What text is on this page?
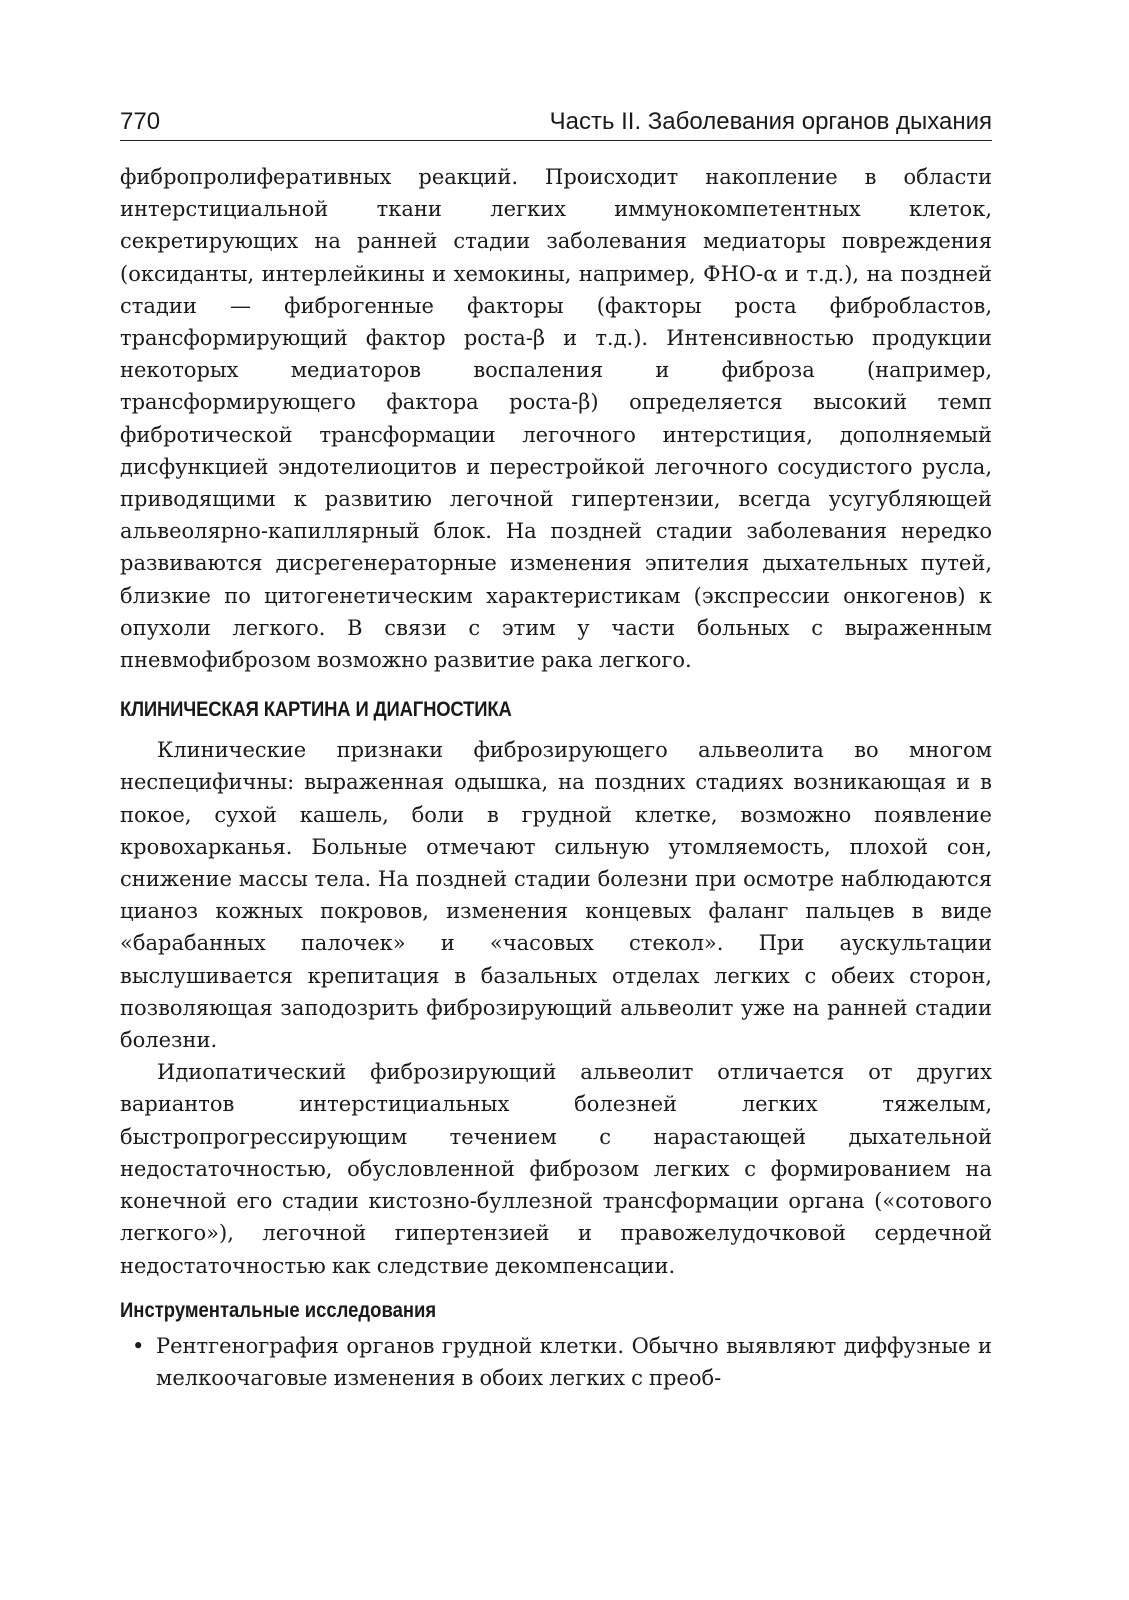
770	Часть II. Заболевания органов дыхания

фибропролиферативных реакций. Происходит накопление в области интерстициальной ткани легких иммунокомпетентных клеток, секретирующих на ранней стадии заболевания медиаторы повреждения (оксиданты, интерлейкины и хемокины, например, ФНО-α и т.д.), на поздней стадии — фиброгенные факторы (факторы роста фибробластов, трансформирующий фактор роста-β и т.д.). Интенсивностью продукции некоторых медиаторов воспаления и фиброза (например, трансформирующего фактора роста-β) определяется высокий темп фибротической трансформации легочного интерстиция, дополняемый дисфункцией эндотелиоцитов и перестройкой легочного сосудистого русла, приводящими к развитию легочной гипертензии, всегда усугубляющей альвеолярно-капиллярный блок. На поздней стадии заболевания нередко развиваются дисрегенераторные изменения эпителия дыхательных путей, близкие по цитогенетическим характеристикам (экспрессии онкогенов) к опухоли легкого. В связи с этим у части больных с выраженным пневмофиброзом возможно развитие рака легкого.

КЛИНИЧЕСКАЯ КАРТИНА И ДИАГНОСТИКА

Клинические признаки фиброзирующего альвеолита во многом неспецифичны: выраженная одышка, на поздних стадиях возникающая и в покое, сухой кашель, боли в грудной клетке, возможно появление кровохарканья. Больные отмечают сильную утомляемость, плохой сон, снижение массы тела. На поздней стадии болезни при осмотре наблюдаются цианоз кожных покровов, изменения концевых фаланг пальцев в виде «барабанных палочек» и «часовых стекол». При аускультации выслушивается крепитация в базальных отделах легких с обеих сторон, позволяющая заподозрить фиброзирующий альвеолит уже на ранней стадии болезни.

Идиопатический фиброзирующий альвеолит отличается от других вариантов интерстициальных болезней легких тяжелым, быстропрогрессирующим течением с нарастающей дыхательной недостаточностью, обусловленной фиброзом легких с формированием на конечной его стадии кистозно-буллезной трансформации органа («сотового легкого»), легочной гипертензией и правожелудочковой сердечной недостаточностью как следствие декомпенсации.

Инструментальные исследования
• Рентгенография органов грудной клетки. Обычно выявляют диффузные и мелкоочаговые изменения в обоих легких с преоб-
